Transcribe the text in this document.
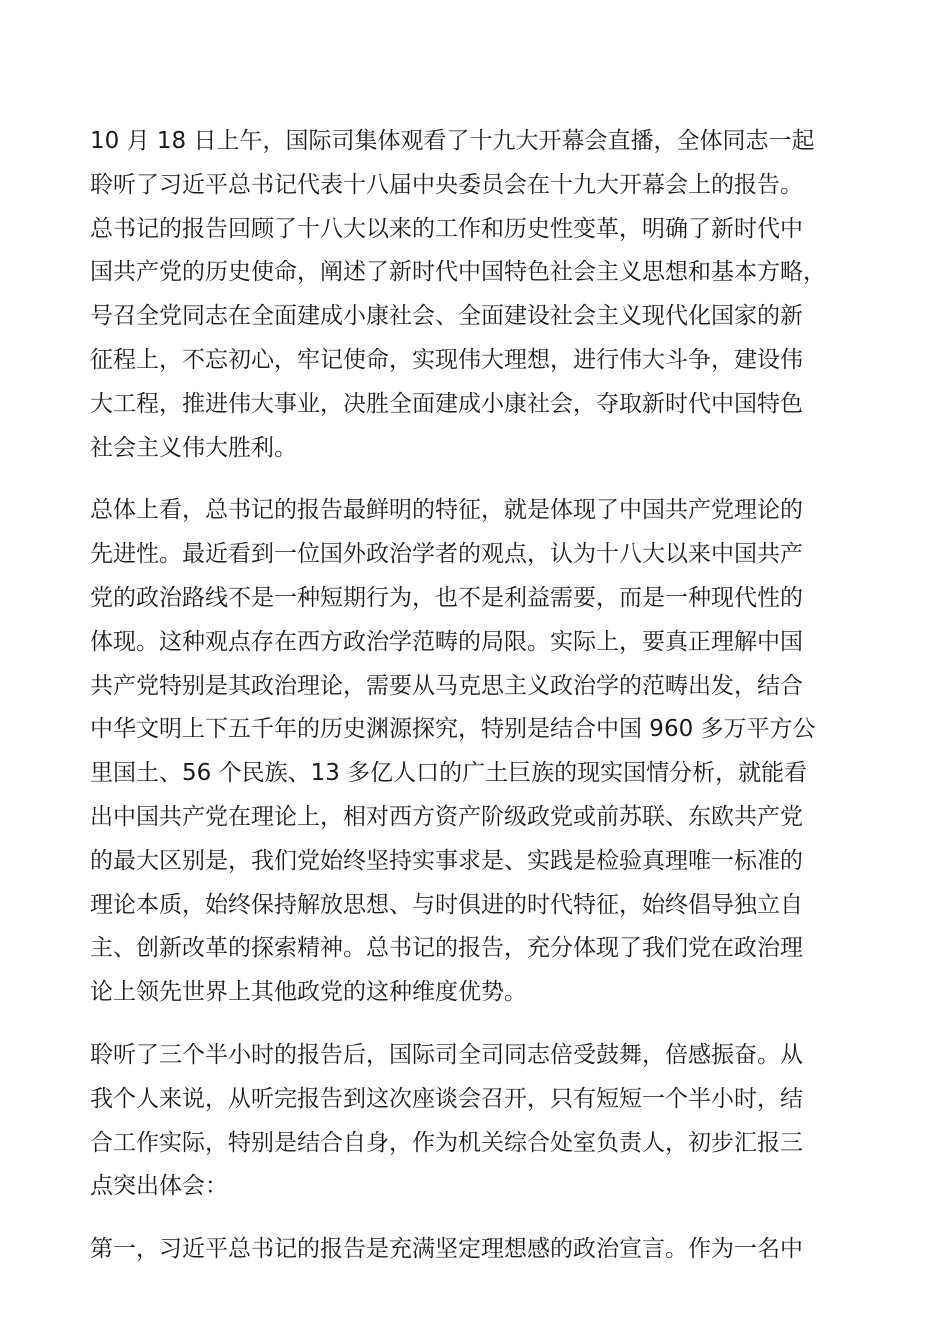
10 月 18 日上午，国际司集体观看了十九大开幕会直播，全体同志一起
聆听了习近平总书记代表十八届中央委员会在十九大开幕会上的报告。
总书记的报告回顾了十八大以来的工作和历史性变革，明确了新时代中
国共产党的历史使命，阐述了新时代中国特色社会主义思想和基本方略，
号召全党同志在全面建成小康社会、全面建设社会主义现代化国家的新
征程上，不忘初心，牢记使命，实现伟大理想，进行伟大斗争，建设伟
大工程，推进伟大事业，决胜全面建成小康社会，夺取新时代中国特色
社会主义伟大胜利。
总体上看，总书记的报告最鲜明的特征，就是体现了中国共产党理论的
先进性。最近看到一位国外政治学者的观点，认为十八大以来中国共产
党的政治路线不是一种短期行为，也不是利益需要，而是一种现代性的
体现。这种观点存在西方政治学范畴的局限。实际上，要真正理解中国
共产党特别是其政治理论，需要从马克思主义政治学的范畴出发，结合
中华文明上下五千年的历史渊源探究，特别是结合中国 960 多万平方公
里国土、56 个民族、13 多亿人口的广土巨族的现实国情分析，就能看
出中国共产党在理论上，相对西方资产阶级政党或前苏联、东欧共产党
的最大区别是，我们党始终坚持实事求是、实践是检验真理唯一标准的
理论本质，始终保持解放思想、与时俱进的时代特征，始终倡导独立自
主、创新改革的探索精神。总书记的报告，充分体现了我们党在政治理
论上领先世界上其他政党的这种维度优势。
聆听了三个半小时的报告后，国际司全司同志倍受鼓舞，倍感振奋。从
我个人来说，从听完报告到这次座谈会召开，只有短短一个半小时，结
合工作实际，特别是结合自身，作为机关综合处室负责人，初步汇报三
点突出体会：
第一，习近平总书记的报告是充满坚定理想感的政治宣言。作为一名中
